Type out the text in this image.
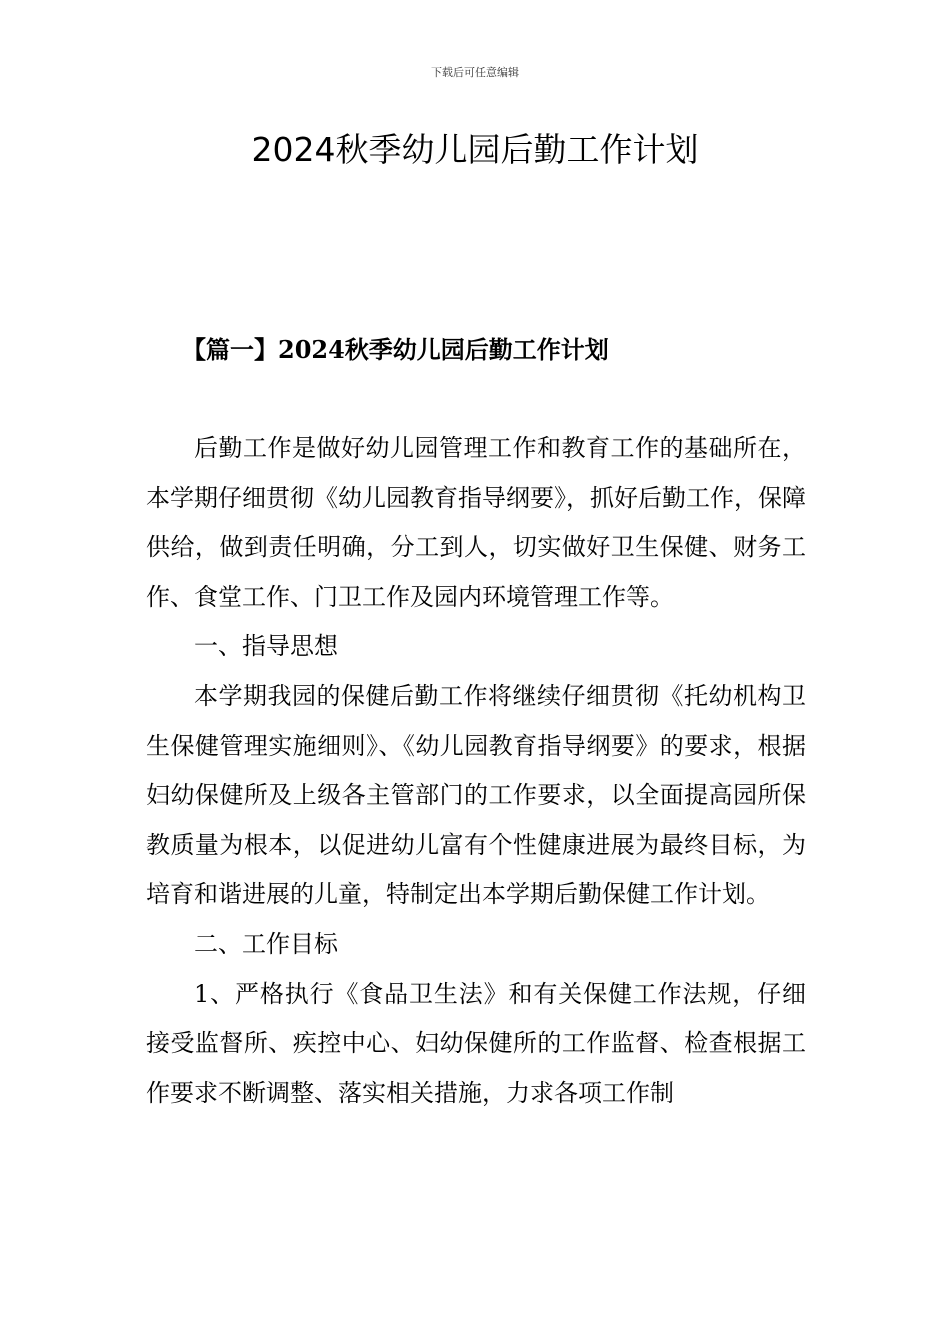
下载后可任意编辑
2024秋季幼儿园后勤工作计划
【篇一】2024秋季幼儿园后勤工作计划

后勤工作是做好幼儿园管理工作和教育工作的基础所在，本学期仔细贯彻《幼儿园教育指导纲要》，抓好后勤工作，保障供给，做到责任明确，分工到人，切实做好卫生保健、财务工作、食堂工作、门卫工作及园内环境管理工作等。

一、指导思想

本学期我园的保健后勤工作将继续仔细贯彻《托幼机构卫生保健管理实施细则》、《幼儿园教育指导纲要》的要求，根据妇幼保健所及上级各主管部门的工作要求，以全面提高园所保教质量为根本，以促进幼儿富有个性健康进展为最终目标，为培育和谐进展的儿童，特制定出本学期后勤保健工作计划。

二、工作目标

1、严格执行《食品卫生法》和有关保健工作法规，仔细接受监督所、疾控中心、妇幼保健所的工作监督、检查根据工作要求不断调整、落实相关措施，力求各项工作制
